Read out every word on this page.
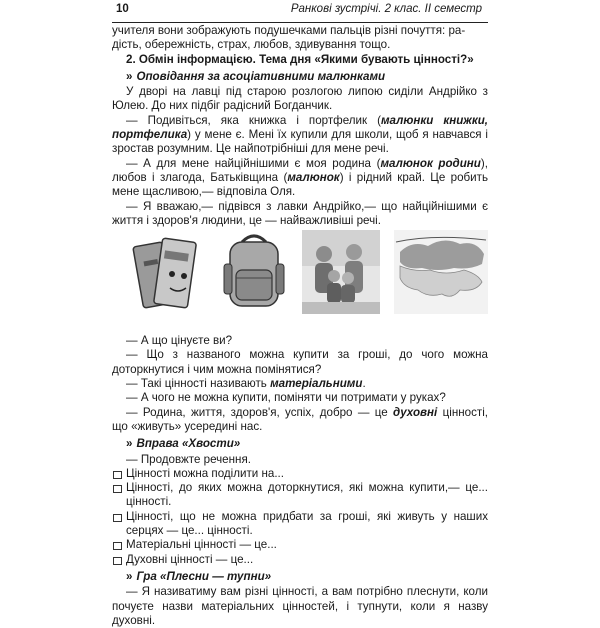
10	Ранкові зустрічі. 2 клас. ІІ семестр

учителя вони зображують подушечками пальців різні почуття: ра-

дість, обережність, страх, любов, здивування тощо.

2. Обмін інформацією. Тема дня «Якими бувають цінності?»

» Оповідання за асоціативними малюнками

У дворі на лавці під старою розлогою липою сиділи Андрійко з Юлею. До них підбіг радісний Богданчик.

— Подивіться, яка книжка і портфелик (малюнки книжки, портфелика) у мене є. Мені їх купили для школи, щоб я навчався і зростав розумним. Це найпотрібніші для мене речі.

— А для мене найційнішими є моя родина (малюнок родини), любов і злагода, Батьківщина (малюнок) і рідний край. Це робить мене щасливою,— відповіла Оля.

— Я вважаю,— підвівся з лавки Андрійко,— що найційнішими є життя і здоров'я людини, це — найважливіші речі.

— А що цінуєте ви?

— Що з названого можна купити за гроші, до чого можна доторкнутися і чим можна помінятися?

— Такі цінності називають матеріальними.

— А чого не можна купити, поміняти чи потримати у руках?

— Родина, життя, здоров'я, успіх, добро — це духовні цінності, що «живуть» усередині нас.

» Вправа «Хвости»

— Продовжте речення.

Цінності можна поділити на...

Цінності, до яких можна доторкнутися, які можна купити,— це... цінності.

Цінності, що не можна придбати за гроші, які живуть у наших серцях — це... цінності.

Матеріальні цінності — це...

Духовні цінності — це...

» Гра «Плесни — тупни»

— Я називатиму вам різні цінності, а вам потрібно плеснути, коли почуєте назви матеріальних цінностей, і тупнути, коли я назву духовні.
